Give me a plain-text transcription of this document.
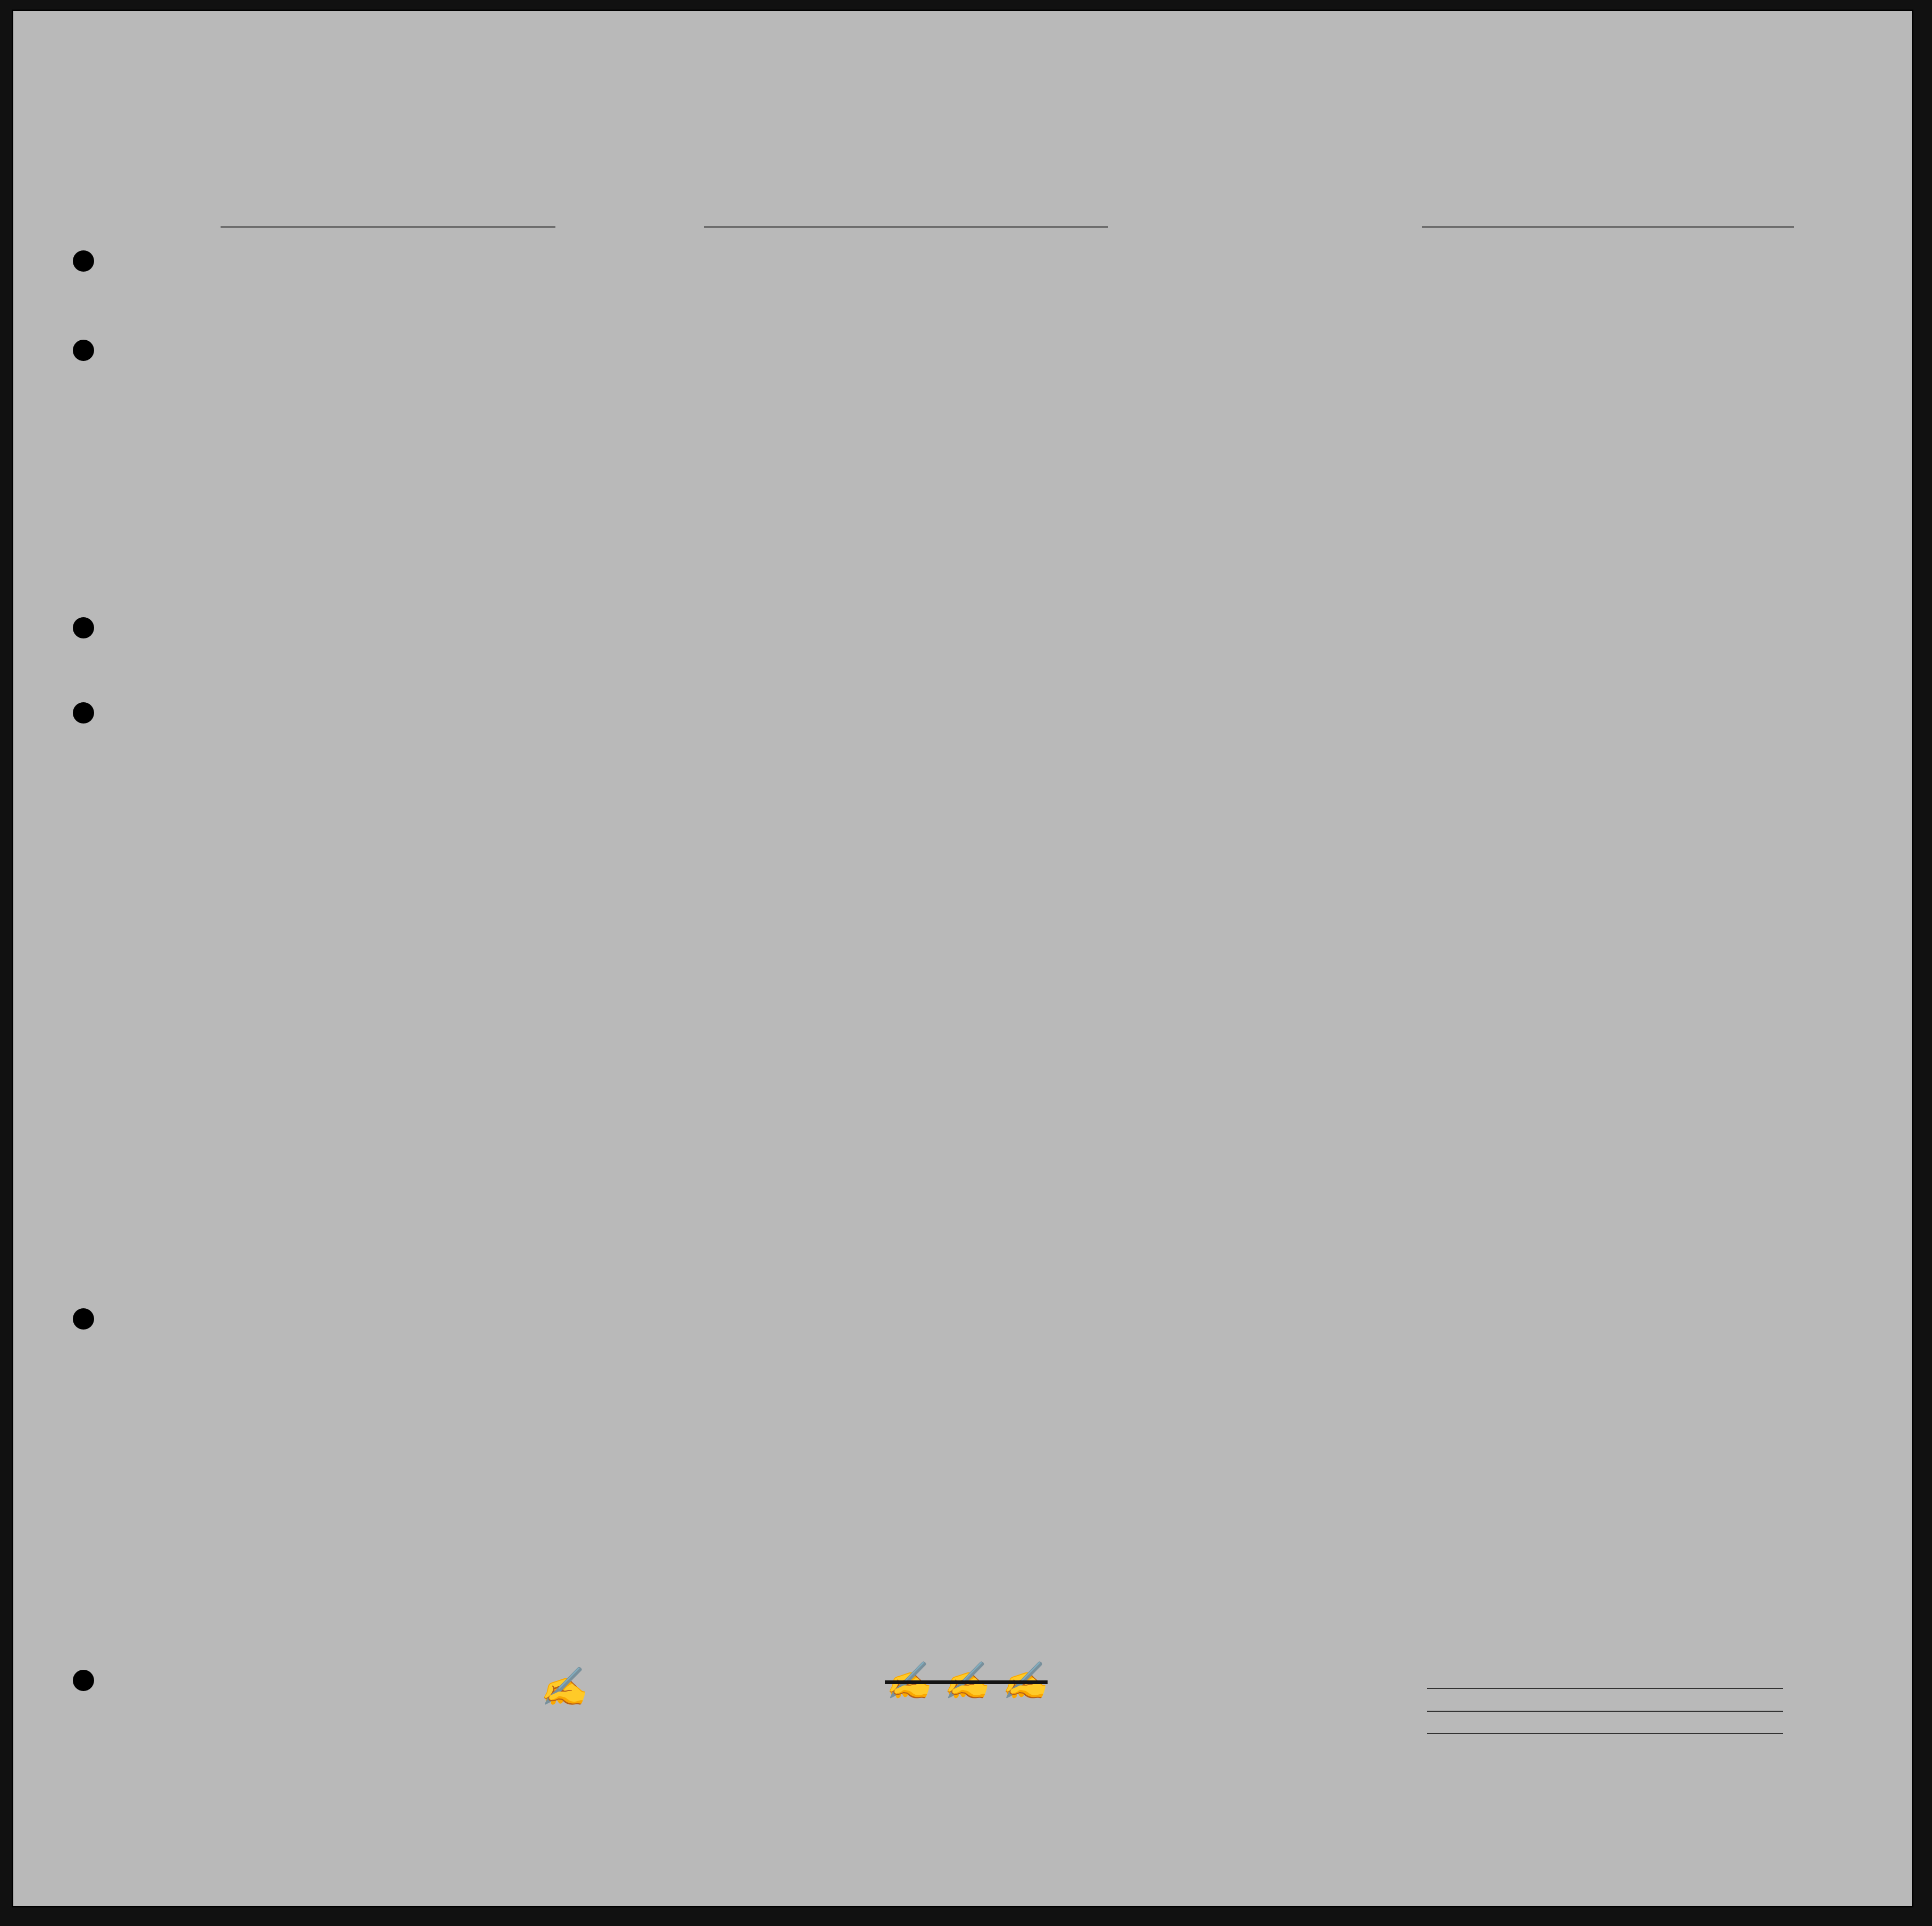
✍	✍ ✍ ✍
